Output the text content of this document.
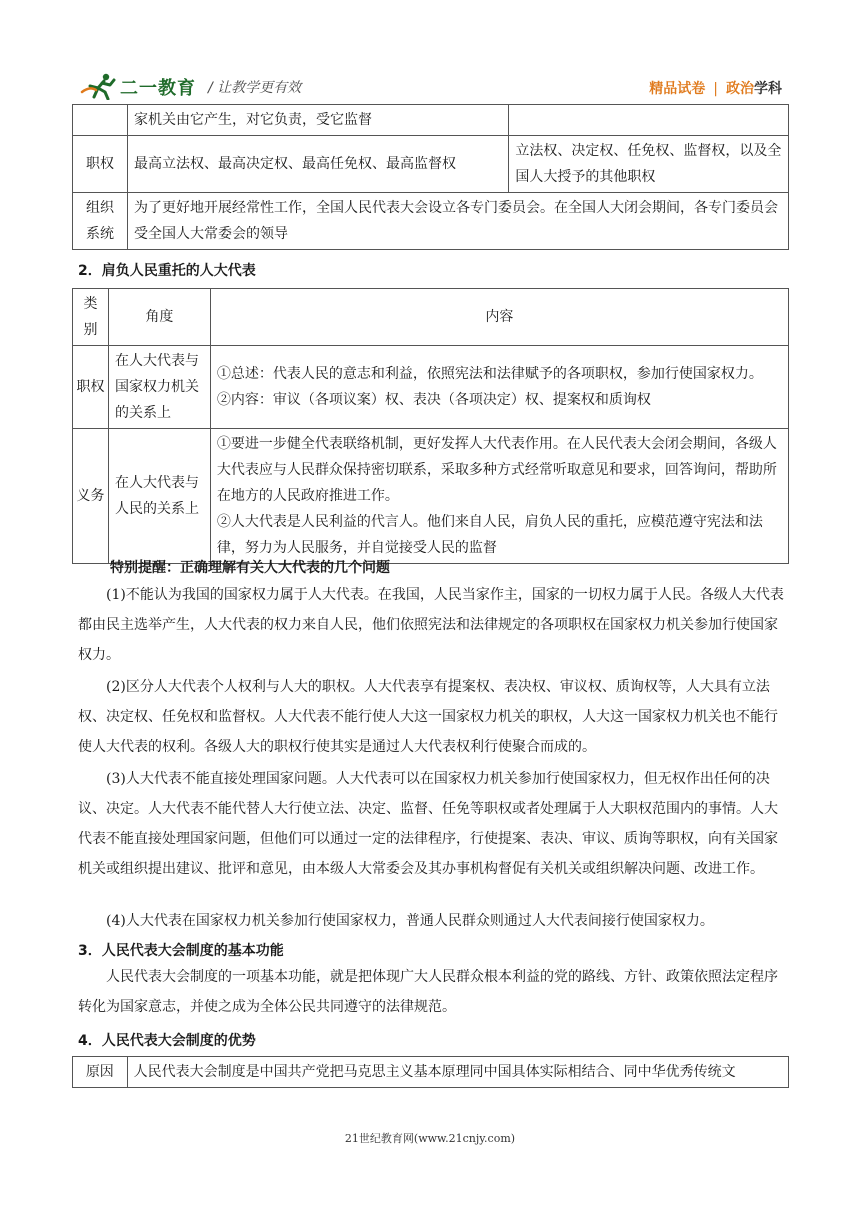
二一教育 / 让教学更有效	精品试卷 | 政治学科
	家机关由它产生，对它负责，受它监督	
职权	最高立法权、最高决定权、最高任免权、最高监督权	立法权、决定权、任免权、监督权，以及全国人大授予的其他职权
组织系统	为了更好地开展经常性工作，全国人民代表大会设立各专门委员会。在全国人大闭会期间，各专门委员会受全国人大常委会的领导	
2．肩负人民重托的人大代表
类别	角度	内容
职权	在人大代表与国家权力机关的关系上	①总述：代表人民的意志和利益，依照宪法和法律赋予的各项职权，参加行使国家权力。
②内容：审议（各项议案）权、表决（各项决定）权、提案权和质询权

义务	在人大代表与人民的关系上	①要进一步健全代表联络机制，更好发挥人大代表作用。在人民代表大会闭会期间，各级人大代表应与人民群众保持密切联系，采取多种方式经常听取意见和要求，回答询问，帮助所在地方的人民政府推进工作。
②人大代表是人民利益的代言人。他们来自人民，肩负人民的重托，应模范遵守宪法和法律，努力为人民服务，并自觉接受人民的监督
特别提醒：正确理解有关人大代表的几个问题

(1)不能认为我国的国家权力属于人大代表。在我国，人民当家作主，国家的一切权力属于人民。各级人大代表都由民主选举产生，人大代表的权力来自人民，他们依照宪法和法律规定的各项职权在国家权力机关参加行使国家权力。

(2)区分人大代表个人权利与人大的职权。人大代表享有提案权、表决权、审议权、质询权等，人大具有立法权、决定权、任免权和监督权。人大代表不能行使人大这一国家权力机关的职权，人大这一国家权力机关也不能行使人大代表的权利。各级人大的职权行使其实是通过人大代表权利行使聚合而成的。

(3)人大代表不能直接处理国家问题。人大代表可以在国家权力机关参加行使国家权力，但无权作出任何的决议、决定。人大代表不能代替人大行使立法、决定、监督、任免等职权或者处理属于人大职权范围内的事情。人大代表不能直接处理国家问题，但他们可以通过一定的法律程序，行使提案、表决、审议、质询等职权，向有关国家机关或组织提出建议、批评和意见，由本级人大常委会及其办事机构督促有关机关或组织解决问题、改进工作。

(4)人大代表在国家权力机关参加行使国家权力，普通人民群众则通过人大代表间接行使国家权力。

3．人民代表大会制度的基本功能

人民代表大会制度的一项基本功能，就是把体现广大人民群众根本利益的党的路线、方针、政策依照法定程序转化为国家意志，并使之成为全体公民共同遵守的法律规范。

4．人民代表大会制度的优势
原因	人民代表大会制度是中国共产党把马克思主义基本原理同中国具体实际相结合、同中华优秀传统文
21世纪教育网(www.21cnjy.com)
